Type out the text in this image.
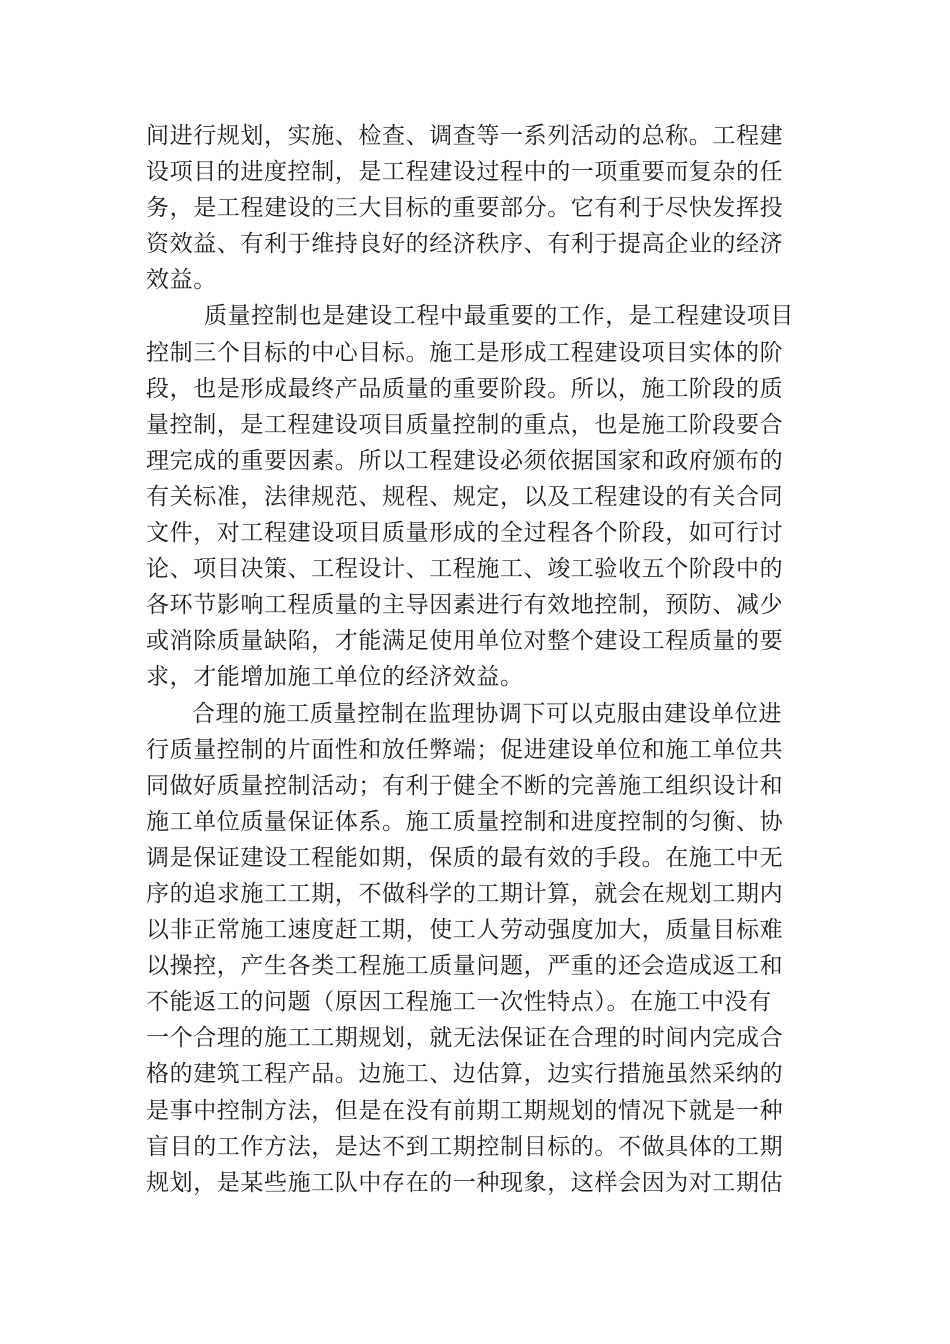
间进行规划，实施、检查、调查等一系列活动的总称。工程建
设项目的进度控制，是工程建设过程中的一项重要而复杂的任
务，是工程建设的三大目标的重要部分。它有利于尽快发挥投
资效益、有利于维持良好的经济秩序、有利于提高企业的经济
效益。
质量控制也是建设工程中最重要的工作，是工程建设项目
控制三个目标的中心目标。施工是形成工程建设项目实体的阶
段，也是形成最终产品质量的重要阶段。所以，施工阶段的质
量控制，是工程建设项目质量控制的重点，也是施工阶段要合
理完成的重要因素。所以工程建设必须依据国家和政府颁布的
有关标准，法律规范、规程、规定，以及工程建设的有关合同
文件，对工程建设项目质量形成的全过程各个阶段，如可行讨
论、项目决策、工程设计、工程施工、竣工验收五个阶段中的
各环节影响工程质量的主导因素进行有效地控制，预防、减少
或消除质量缺陷，才能满足使用单位对整个建设工程质量的要
求，才能增加施工单位的经济效益。
合理的施工质量控制在监理协调下可以克服由建设单位进
行质量控制的片面性和放任弊端；促进建设单位和施工单位共
同做好质量控制活动；有利于健全不断的完善施工组织设计和
施工单位质量保证体系。施工质量控制和进度控制的匀衡、协
调是保证建设工程能如期，保质的最有效的手段。在施工中无
序的追求施工工期，不做科学的工期计算，就会在规划工期内
以非正常施工速度赶工期，使工人劳动强度加大，质量目标难
以操控，产生各类工程施工质量问题，严重的还会造成返工和
不能返工的问题（原因工程施工一次性特点）。在施工中没有
一个合理的施工工期规划，就无法保证在合理的时间内完成合
格的建筑工程产品。边施工、边估算，边实行措施虽然采纳的
是事中控制方法，但是在没有前期工期规划的情况下就是一种
盲目的工作方法，是达不到工期控制目标的。不做具体的工期
规划，是某些施工队中存在的一种现象，这样会因为对工期估
